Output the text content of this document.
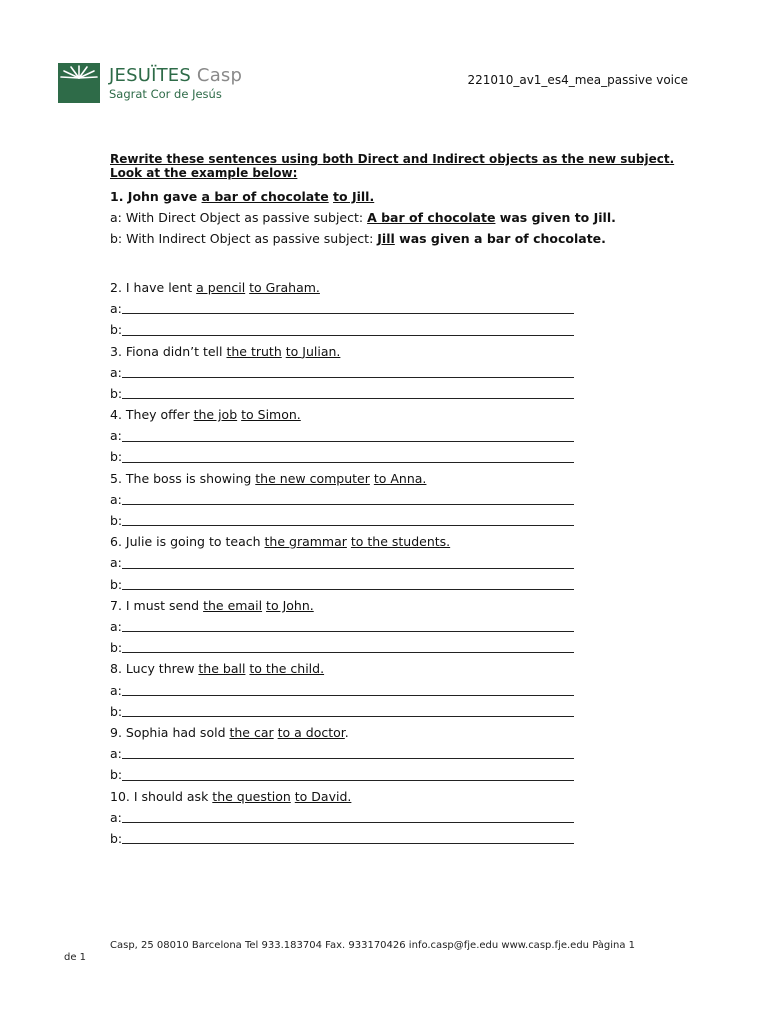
JESUÏTES Casp
Sagrat Cor de Jesús
221010_av1_es4_mea_passive voice
Rewrite these sentences using both Direct and Indirect objects as the new subject. Look at the example below:
1. John gave a bar of chocolate to Jill.
a: With Direct Object as passive subject: A bar of chocolate was given to Jill.
b: With Indirect Object as passive subject: Jill was given a bar of chocolate.
2. I have lent a pencil to Graham.
a:
b:
3. Fiona didn’t tell the truth to Julian.
a:
b:
4. They offer the job to Simon.
a:
b:
5. The boss is showing the new computer to Anna.
a:
b:
6. Julie is going to teach the grammar to the students.
a:
b:
7. I must send the email to John.
a:
b:
8. Lucy threw the ball to the child.
a:
b:
9. Sophia had sold the car to a doctor.
a:
b:
10. I should ask the question to David.
a:
b:
Casp, 25 08010 Barcelona Tel 933.183704 Fax. 933170426 info.casp@fje.edu www.casp.fje.edu Pàgina 1
de 1
